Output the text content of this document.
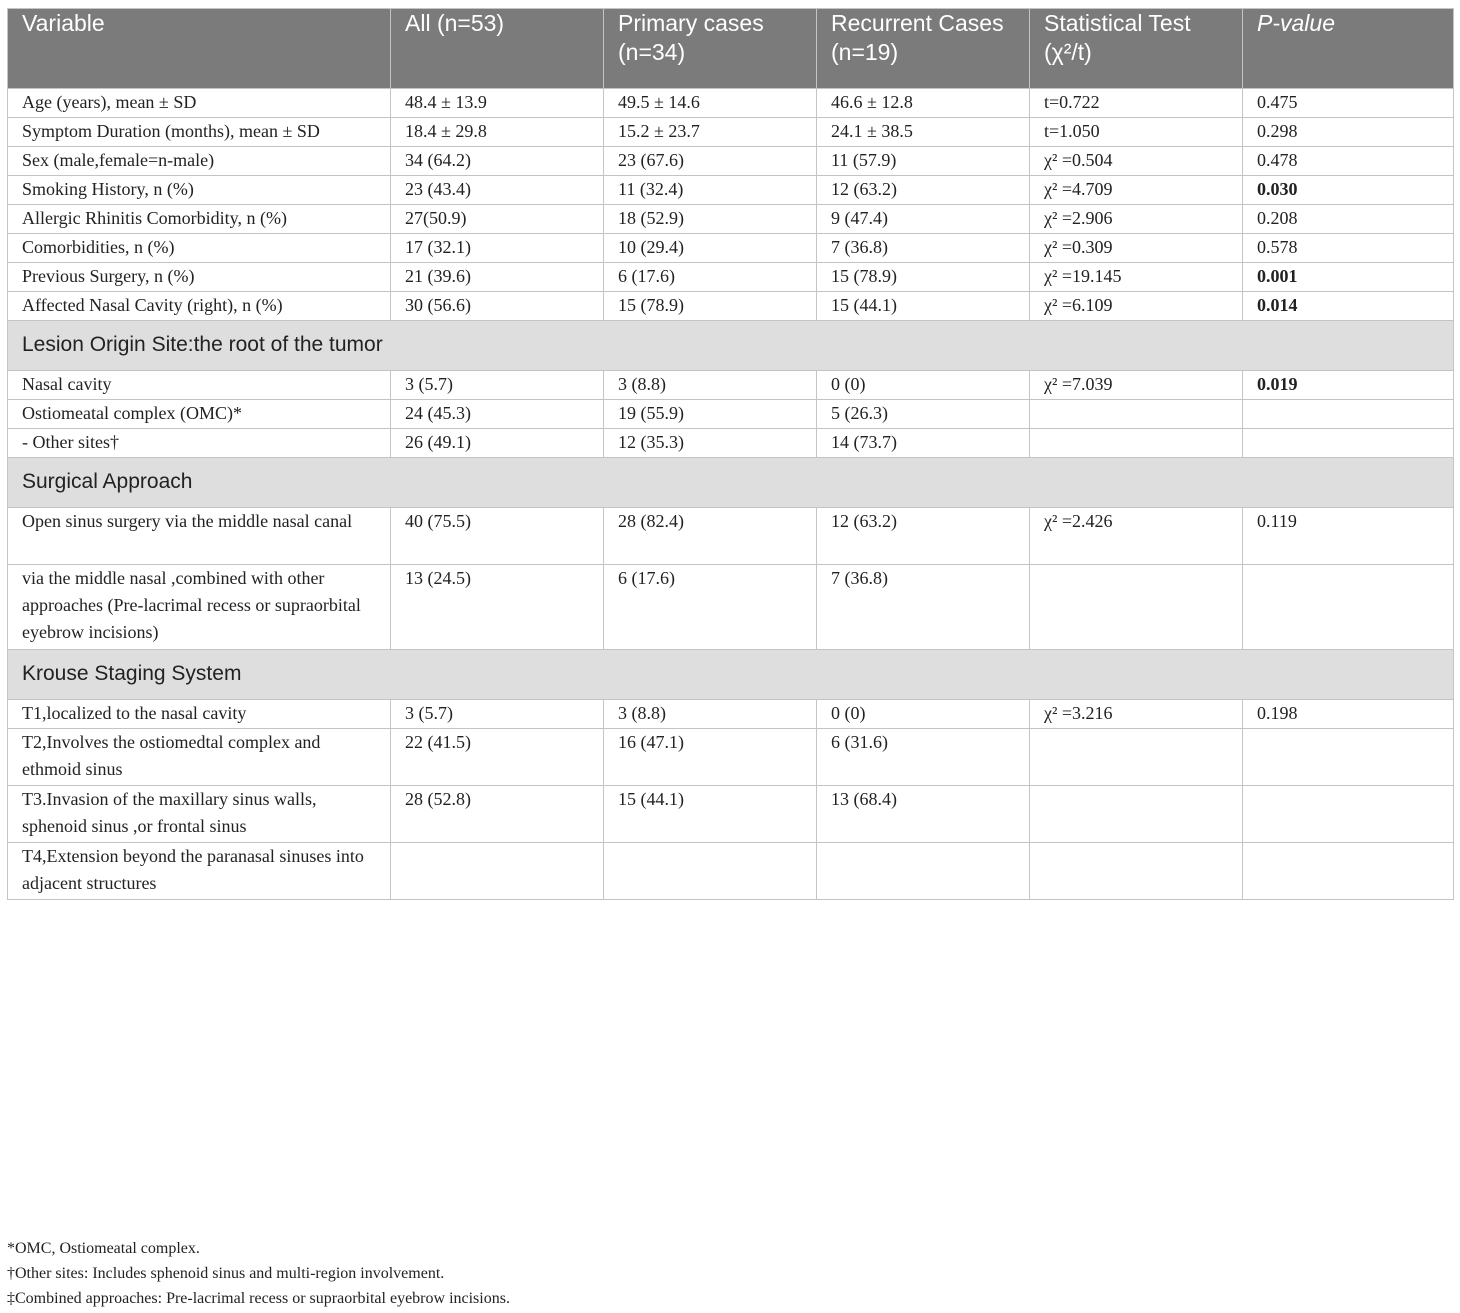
Variable	All (n=53)	Primary cases (n=34)	Recurrent Cases (n=19)	Statistical Test (χ²/t)	P-value
Age (years), mean ± SD	48.4 ± 13.9	49.5 ± 14.6	46.6 ± 12.8	t=0.722	0.475
Symptom Duration (months), mean ± SD	18.4 ± 29.8	15.2 ± 23.7	24.1 ± 38.5	t=1.050	0.298
Sex (male,female=n-male)	34 (64.2)	23 (67.6)	11 (57.9)	χ² =0.504	0.478
Smoking History, n (%)	23 (43.4)	11 (32.4)	12 (63.2)	χ² =4.709	0.030
Allergic Rhinitis Comorbidity, n (%)	27(50.9)	18 (52.9)	9 (47.4)	χ² =2.906	0.208
Comorbidities, n (%)	17 (32.1)	10 (29.4)	7 (36.8)	χ² =0.309	0.578
Previous Surgery, n (%)	21 (39.6)	6 (17.6)	15 (78.9)	χ² =19.145	0.001
Affected Nasal Cavity (right), n (%)	30 (56.6)	15 (78.9)	15 (44.1)	χ² =6.109	0.014
Lesion Origin Site:the root of the tumor					
Nasal cavity	3 (5.7)	3 (8.8)	0 (0)	χ² =7.039	0.019
Ostiomeatal complex (OMC)*	24 (45.3)	19 (55.9)	5 (26.3)		
- Other sites†	26 (49.1)	12 (35.3)	14 (73.7)		
Surgical Approach					
Open sinus surgery via the middle nasal canal	40 (75.5)	28 (82.4)	12 (63.2)	χ² =2.426	0.119
via the middle nasal ,combined with other approaches (Pre-lacrimal recess or supraorbital eyebrow incisions)	13 (24.5)	6 (17.6)	7 (36.8)		
Krouse Staging System					
T1,localized to the nasal cavity	3 (5.7)	3 (8.8)	0 (0)	χ² =3.216	0.198
T2,Involves the ostiomedtal complex and ethmoid sinus	22 (41.5)	16 (47.1)	6 (31.6)		
T3.Invasion of the maxillary sinus walls, sphenoid sinus ,or frontal sinus	28 (52.8)	15 (44.1)	13 (68.4)		
T4,Extension beyond the paranasal sinuses into adjacent structures					
*OMC, Ostiomeatal complex.
†Other sites: Includes sphenoid sinus and multi-region involvement.
‡Combined approaches: Pre-lacrimal recess or supraorbital eyebrow incisions.
